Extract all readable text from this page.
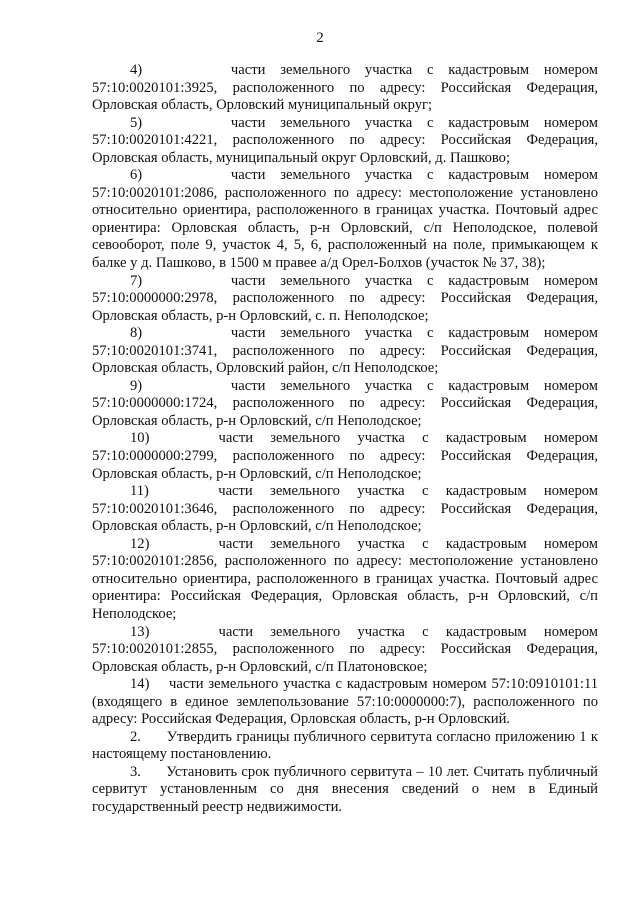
2

4)      части земельного участка с кадастровым номером 57:10:0020101:3925, расположенного по адресу: Российская Федерация, Орловская область, Орловский муниципальный округ;

5)      части земельного участка с кадастровым номером 57:10:0020101:4221, расположенного по адресу: Российская Федерация, Орловская область, муниципальный округ Орловский, д. Пашково;

6)      части земельного участка с кадастровым номером 57:10:0020101:2086, расположенного по адресу: местоположение установлено относительно ориентира, расположенного в границах участка. Почтовый адрес ориентира: Орловская область, р-н Орловский, с/п Неполодское, полевой севооборот, поле 9, участок 4, 5, 6, расположенный на поле, примыкающем к балке у д. Пашково, в 1500 м правее а/д Орел-Болхов (участок № 37, 38);

7)      части земельного участка с кадастровым номером 57:10:0000000:2978, расположенного по адресу: Российская Федерация, Орловская область, р-н Орловский, с. п. Неполодское;

8)      части земельного участка с кадастровым номером 57:10:0020101:3741, расположенного по адресу: Российская Федерация, Орловская область, Орловский район, с/п Неполодское;

9)      части земельного участка с кадастровым номером 57:10:0000000:1724, расположенного по адресу: Российская Федерация, Орловская область, р-н Орловский, с/п Неполодское;

10)    части земельного участка с кадастровым номером 57:10:0000000:2799, расположенного по адресу: Российская Федерация, Орловская область, р-н Орловский, с/п Неполодское;

11)    части земельного участка с кадастровым номером 57:10:0020101:3646, расположенного по адресу: Российская Федерация, Орловская область, р-н Орловский, с/п Неполодское;

12)    части земельного участка с кадастровым номером 57:10:0020101:2856, расположенного по адресу: местоположение установлено относительно ориентира, расположенного в границах участка. Почтовый адрес ориентира: Российская Федерация, Орловская область, р-н Орловский, с/п Неполодское;

13)    части земельного участка с кадастровым номером 57:10:0020101:2855, расположенного по адресу: Российская Федерация, Орловская область, р-н Орловский, с/п Платоновское;

14)    части земельного участка с кадастровым номером 57:10:0910101:11 (входящего в единое землепользование 57:10:0000000:7), расположенного по адресу: Российская Федерация, Орловская область, р-н Орловский.

2.      Утвердить границы публичного сервитута согласно приложению 1 к настоящему постановлению.

3.      Установить срок публичного сервитута – 10 лет. Считать публичный сервитут установленным со дня внесения сведений о нем в Единый государственный реестр недвижимости.
